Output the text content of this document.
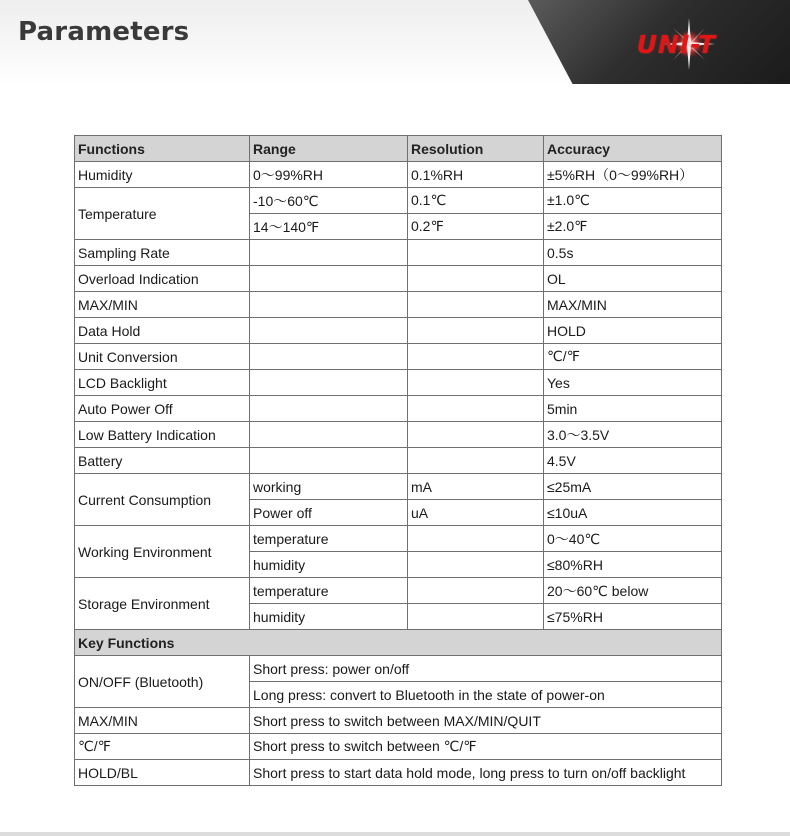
Parameters	UNI-T
Functions	Range	Resolution	Accuracy
Humidity	0～99%RH	0.1%RH	±5%RH（0～99%RH）
Temperature	-10～60℃	0.1℃	±1.0℃
	14～140℉	0.2℉	±2.0℉
Sampling Rate			0.5s
Overload Indication			OL
MAX/MIN			MAX/MIN
Data Hold			HOLD
Unit Conversion			℃/℉
LCD Backlight			Yes
Auto Power Off			5min
Low Battery Indication			3.0～3.5V
Battery			4.5V
Current Consumption	working	mA	≤25mA
	Power off	uA	≤10uA
Working Environment	temperature		0～40℃
	humidity		≤80%RH
Storage Environment	temperature		20～60℃ below
	humidity		≤75%RH
Key Functions			
ON/OFF (Bluetooth)	Short press: power on/off		
	Long press: convert to Bluetooth in the state of power-on		
MAX/MIN	Short press to switch between MAX/MIN/QUIT		
℃/℉	Short press to switch between ℃/℉		
HOLD/BL	Short press to start data hold mode, long press to turn on/off backlight		
